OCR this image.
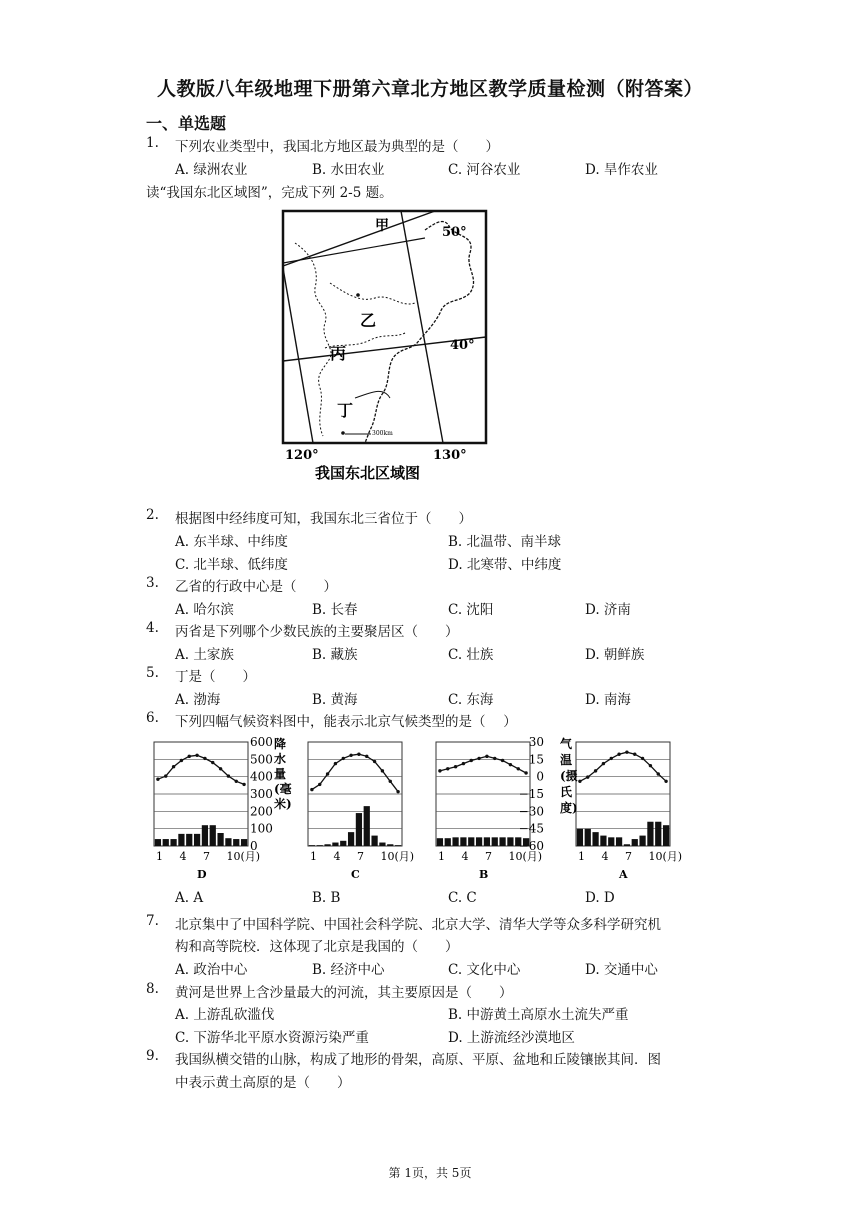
人教版八年级地理下册第六章北方地区教学质量检测（附答案）
一、单选题
1. 下列农业类型中，我国北方地区最为典型的是（　　）
A. 绿洲农业	B. 水田农业	C. 河谷农业	D. 旱作农业
读“我国东北区域图”，完成下列 2-5 题。
甲	50°
乙
40°
丙
丁
300km
120°	130°
我国东北区域图
2. 根据图中经纬度可知，我国东北三省位于（　　）
A. 东半球、中纬度	B. 北温带、南半球
C. 北半球、低纬度	D. 北寒带、中纬度
3. 乙省的行政中心是（　　）
A. 哈尔滨	B. 长春	C. 沈阳	D. 济南
4. 丙省是下列哪个少数民族的主要聚居区（　　）
A. 土家族	B. 藏族	C. 壮族	D. 朝鲜族
5. 丁是（　　）
A. 渤海	B. 黄海	C. 东海	D. 南海
6. 下列四幅气候资料图中，能表示北京气候类型的是（　 ）
1 4 7 10(月)
D
1 4 7 10(月)
C
1 4 7 10(月)
B
1 4 7 10(月)
A
600
500
400
300
200
100
0
降
水
量
(毫
米)
30
15
0
−15
−30
−45
−60
气
温
(摄
氏
度)
A. A	B. B	C. C	D. D
7. 北京集中了中国科学院、中国社会科学院、北京大学、清华大学等众多科学研究机
构和高等院校．这体现了北京是我国的（　　）
A. 政治中心	B. 经济中心	C. 文化中心	D. 交通中心
8. 黄河是世界上含沙量最大的河流，其主要原因是（　　）
A. 上游乱砍滥伐	B. 中游黄土高原水土流失严重
C. 下游华北平原水资源污染严重	D. 上游流经沙漠地区
9. 我国纵横交错的山脉，构成了地形的骨架，高原、平原、盆地和丘陵镶嵌其间．图
中表示黄土高原的是（　　）
第 1页，共 5页
